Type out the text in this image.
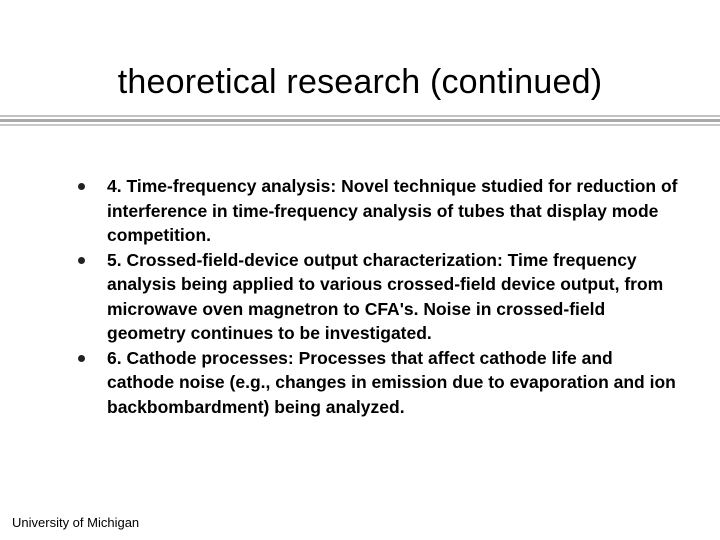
theoretical research (continued)
4. Time-frequency analysis: Novel technique studied for reduction of interference in time-frequency analysis of tubes that display mode competition.
5. Crossed-field-device output characterization: Time frequency analysis being applied to various crossed-field device output, from microwave oven magnetron to CFA's. Noise in crossed-field geometry continues to be investigated.
6. Cathode processes: Processes that affect cathode life and cathode noise (e.g., changes in emission due to evaporation and ion backbombardment) being analyzed.
University of Michigan
